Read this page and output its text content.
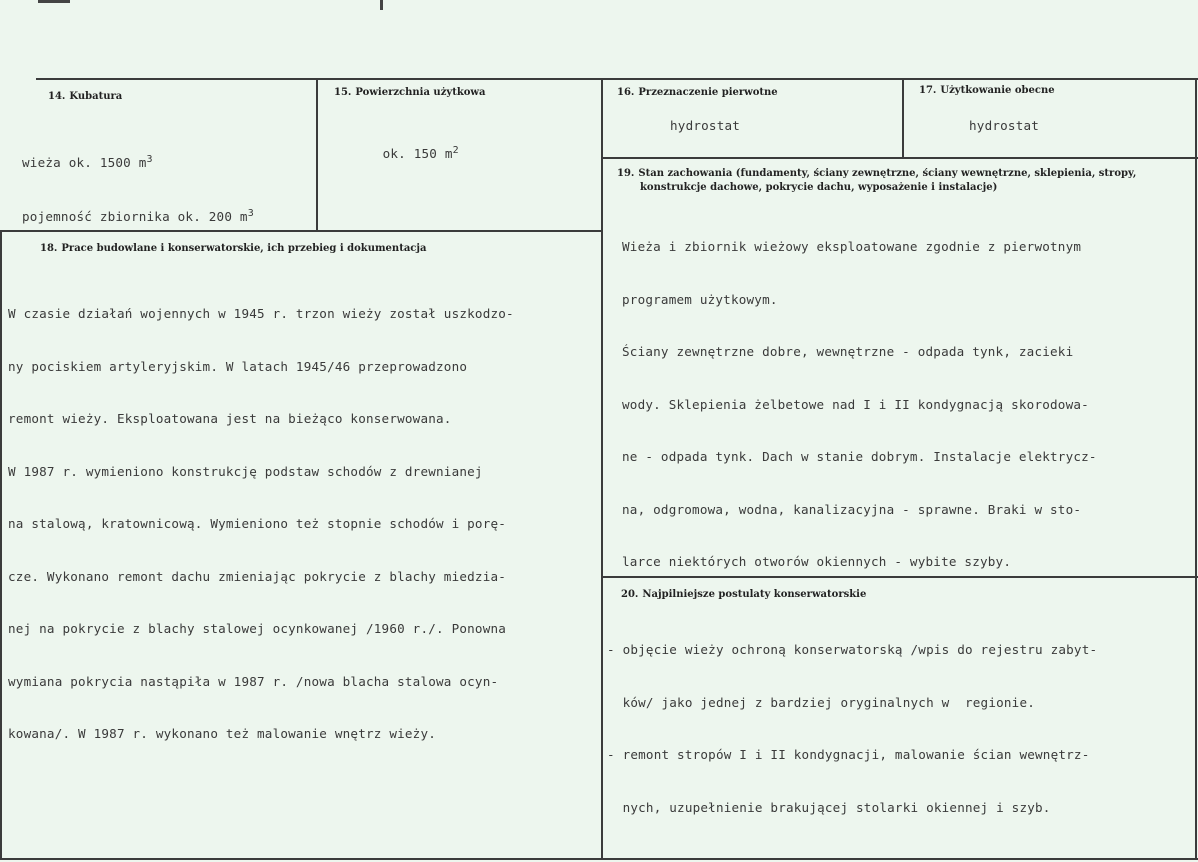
14. Kubatura

wieża ok. 1500 $m^3$

pojemność zbiornika ok. 200 $m^3$

15. Powierzchnia użytkowa

ok. 150 $m^2$

16. Przeznaczenie pierwotne
hydrostat
17. Użytkowanie obecne
hydrostat
18. Prace budowlane i konserwatorskie, ich przebieg i dokumentacja

W czasie działań wojennych w 1945 r. trzon wieży został uszkodzo-

ny pociskiem artyleryjskim. W latach 1945/46 przeprowadzono

remont wieży. Eksploatowana jest na bieżąco konserwowana.

W 1987 r. wymieniono konstrukcję podstaw schodów z drewnianej

na stalową, kratownicową. Wymieniono też stopnie schodów i porę-

cze. Wykonano remont dachu zmieniając pokrycie z blachy miedzia-

nej na pokrycie z blachy stalowej ocynkowanej /1960 r./. Ponowna

wymiana pokrycia nastąpiła w 1987 r. /nowa blacha stalowa ocyn-

kowana/. W 1987 r. wykonano też malowanie wnętrz wieży.

19. Stan zachowania (fundamenty, ściany zewnętrzne, ściany wewnętrzne, sklepienia, stropy,
konstrukcje dachowe, pokrycie dachu, wyposażenie i instalacje)

Wieża i zbiornik wieżowy eksploatowane zgodnie z pierwotnym

programem użytkowym.

Ściany zewnętrzne dobre, wewnętrzne - odpada tynk, zacieki

wody. Sklepienia żelbetowe nad I i II kondygnacją skorodowa-

ne - odpada tynk. Dach w stanie dobrym. Instalacje elektrycz-

na, odgromowa, wodna, kanalizacyjna - sprawne. Braki w sto-

larce niektórych otworów okiennych - wybite szyby.

20. Najpilniejsze postulaty konserwatorskie

- objęcie wieży ochroną konserwatorską /wpis do rejestru zabyt-

ków/ jako jednej z bardziej oryginalnych w  regionie.

- remont stropów I i II kondygnacji, malowanie ścian wewnętrz-

nych, uzupełnienie brakującej stolarki okiennej i szyb.
